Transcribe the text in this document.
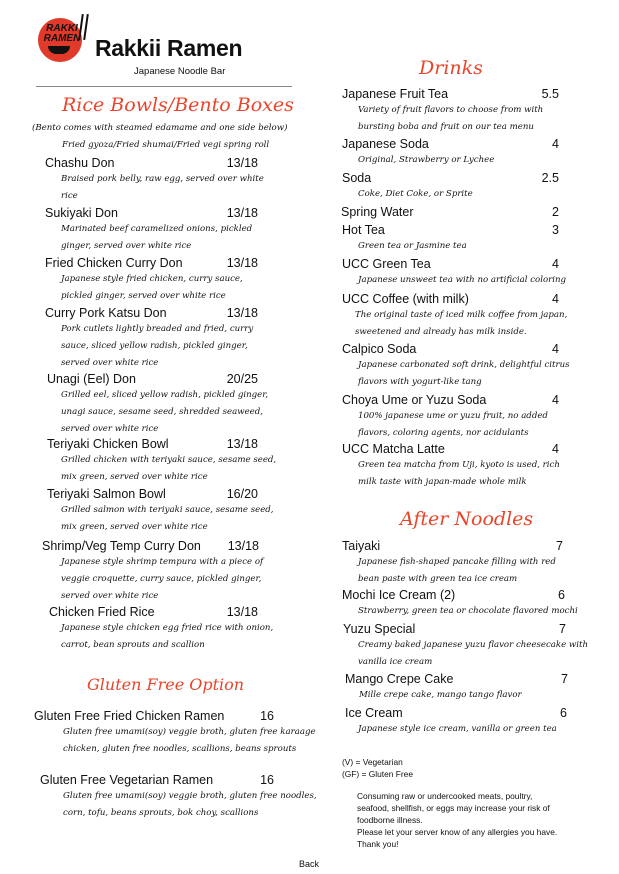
RAKKI
RAMEN Rakkii Ramen
Japanese Noodle Bar
Rice Bowls/Bento Boxes
(Bento comes with steamed edamame and one side below)
Fried gyoza/Fried shumai/Fried vegi spring roll
Chashu Don	13/18
Braised pork belly, raw egg, served over white
rice
Sukiyaki Don	13/18
Marinated beef caramelized onions, pickled
ginger, served over white rice
Fried Chicken Curry Don	13/18
Japanese style fried chicken, curry sauce,
pickled ginger, served over white rice
Curry Pork Katsu Don	13/18
Pork cutlets lightly breaded and fried, curry
sauce, sliced yellow radish, pickled ginger,
served over white rice
Unagi (Eel) Don	20/25
Grilled eel, sliced yellow radish, pickled ginger,
unagi sauce, sesame seed, shredded seaweed,
served over white rice
Teriyaki Chicken Bowl	13/18
Grilled chicken with teriyaki sauce, sesame seed,
mix green, served over white rice
Teriyaki Salmon Bowl	16/20
Grilled salmon with teriyaki sauce, sesame seed,
mix green, served over white rice
Shrimp/Veg Temp Curry Don	13/18
Japanese style shrimp tempura with a piece of
veggie croquette, curry sauce, pickled ginger,
served over white rice
Chicken Fried Rice	13/18
Japanese style chicken egg fried rice with onion,
carrot, bean sprouts and scallion
Gluten Free Option
Gluten Free Fried Chicken Ramen	16
Gluten free umami(soy) veggie broth, gluten free karaage
chicken, gluten free noodles, scallions, beans sprouts
Gluten Free Vegetarian Ramen	16
Gluten free umami(soy) veggie broth, gluten free noodles,
corn, tofu, beans sprouts, bok choy, scallions
Drinks
Japanese Fruit Tea	5.5
Variety of fruit flavors to choose from with
bursting boba and fruit on our tea menu
Japanese Soda	4
Original, Strawberry or Lychee
Soda	2.5
Coke, Diet Coke, or Sprite
Spring Water	2
Hot Tea	3
Green tea or Jasmine tea
UCC Green Tea	4
Japanese unsweet tea with no artificial coloring
UCC Coffee (with milk)	4
The original taste of iced milk coffee from japan,
sweetened and already has milk inside.
Calpico Soda	4
Japanese carbonated soft drink, delightful citrus
flavors with yogurt-like tang
Choya Ume or Yuzu Soda	4
100% japanese ume or yuzu fruit, no added
flavors, coloring agents, nor acidulants
UCC Matcha Latte	4
Green tea matcha from Uji, kyoto is used, rich
milk taste with japan-made whole milk
After Noodles
Taiyaki	7
Japanese fish-shaped pancake filling with red
bean paste with green tea ice cream
Mochi Ice Cream (2)	6
Strawberry, green tea or chocolate flavored mochi
Yuzu Special	7
Creamy baked japanese yuzu flavor cheesecake with
vanilla ice cream
Mango Crepe Cake	7
Mille crepe cake, mango tango flavor
Ice Cream	6
Japanese style ice cream, vanilla or green tea
(V) = Vegetarian
(GF) = Gluten Free
Consuming raw or undercooked meats, poultry,
seafood, shellfish, or eggs may increase your risk of
foodborne illness.
Please let your server know of any allergies you have.
Thank you!
Back
